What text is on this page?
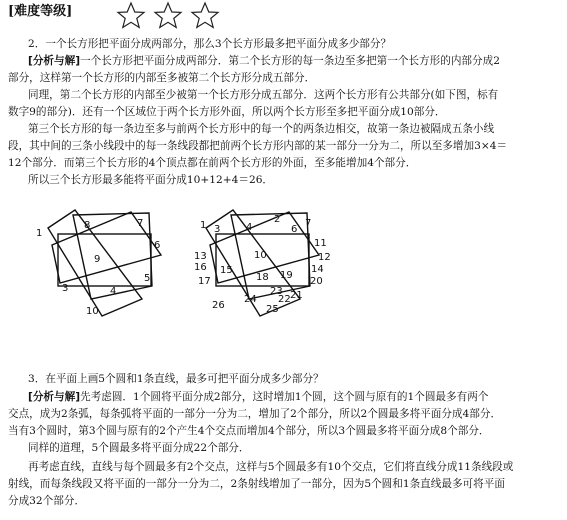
[难度等级]
2．一个长方形把平面分成两部分，那么3个长方形最多把平面分成多少部分？
[分析与解]一个长方形把平面分成两部分．第二个长方形的每一条边至多把第一个长方形的内部分成2
部分，这样第一个长方形的内部至多被第二个长方形分成五部分．
同理，第二个长方形的内部至少被第一个长方形分成五部分．这两个长方形有公共部分(如下图，标有
数字9的部分)．还有一个区域位于两个长方形外面，所以两个长方形至多把平面分成10部分．
第三个长方形的每一条边至多与前两个长方形中的每一个的两条边相交，故第一条边被隔成五条小线
段，其中间的三条小线段中的每一条线段都把前两个长方形内部的某一部分一分为二，所以至多增加3×4＝
12个部分．而第三个长方形的4个顶点都在前两个长方形的外面，至多能增加4个部分．
所以三个长方形最多能将平面分成10+12+4＝26．
1
8	7
6
9
5
3	4
10
1 3	4
2
6
7
10
11
12
14
13
16 15
17	18 19
20
21
22
23
24
25
26
3．在平面上画5个圆和1条直线，最多可把平面分成多少部分？
[分析与解]先考虑圆．1个圆将平面分成2部分，这时增加1个圆，这个圆与原有的1个圆最多有两个
交点，成为2条弧，每条弧将平面的一部分一分为二，增加了2个部分，所以2个圆最多将平面分成4部分．
当有3个圆时，第3个圆与原有的2个产生4个交点而增加4个部分，所以3个圆最多将平面分成8个部分．
同样的道理，5个圆最多将平面分成22个部分．
再考虑直线，直线与每个圆最多有2个交点，这样与5个圆最多有10个交点，它们将直线分成11条线段或
射线，而每条线段又将平面的一部分一分为二，2条射线增加了一部分，因为5个圆和1条直线最多可将平面
分成32个部分．
